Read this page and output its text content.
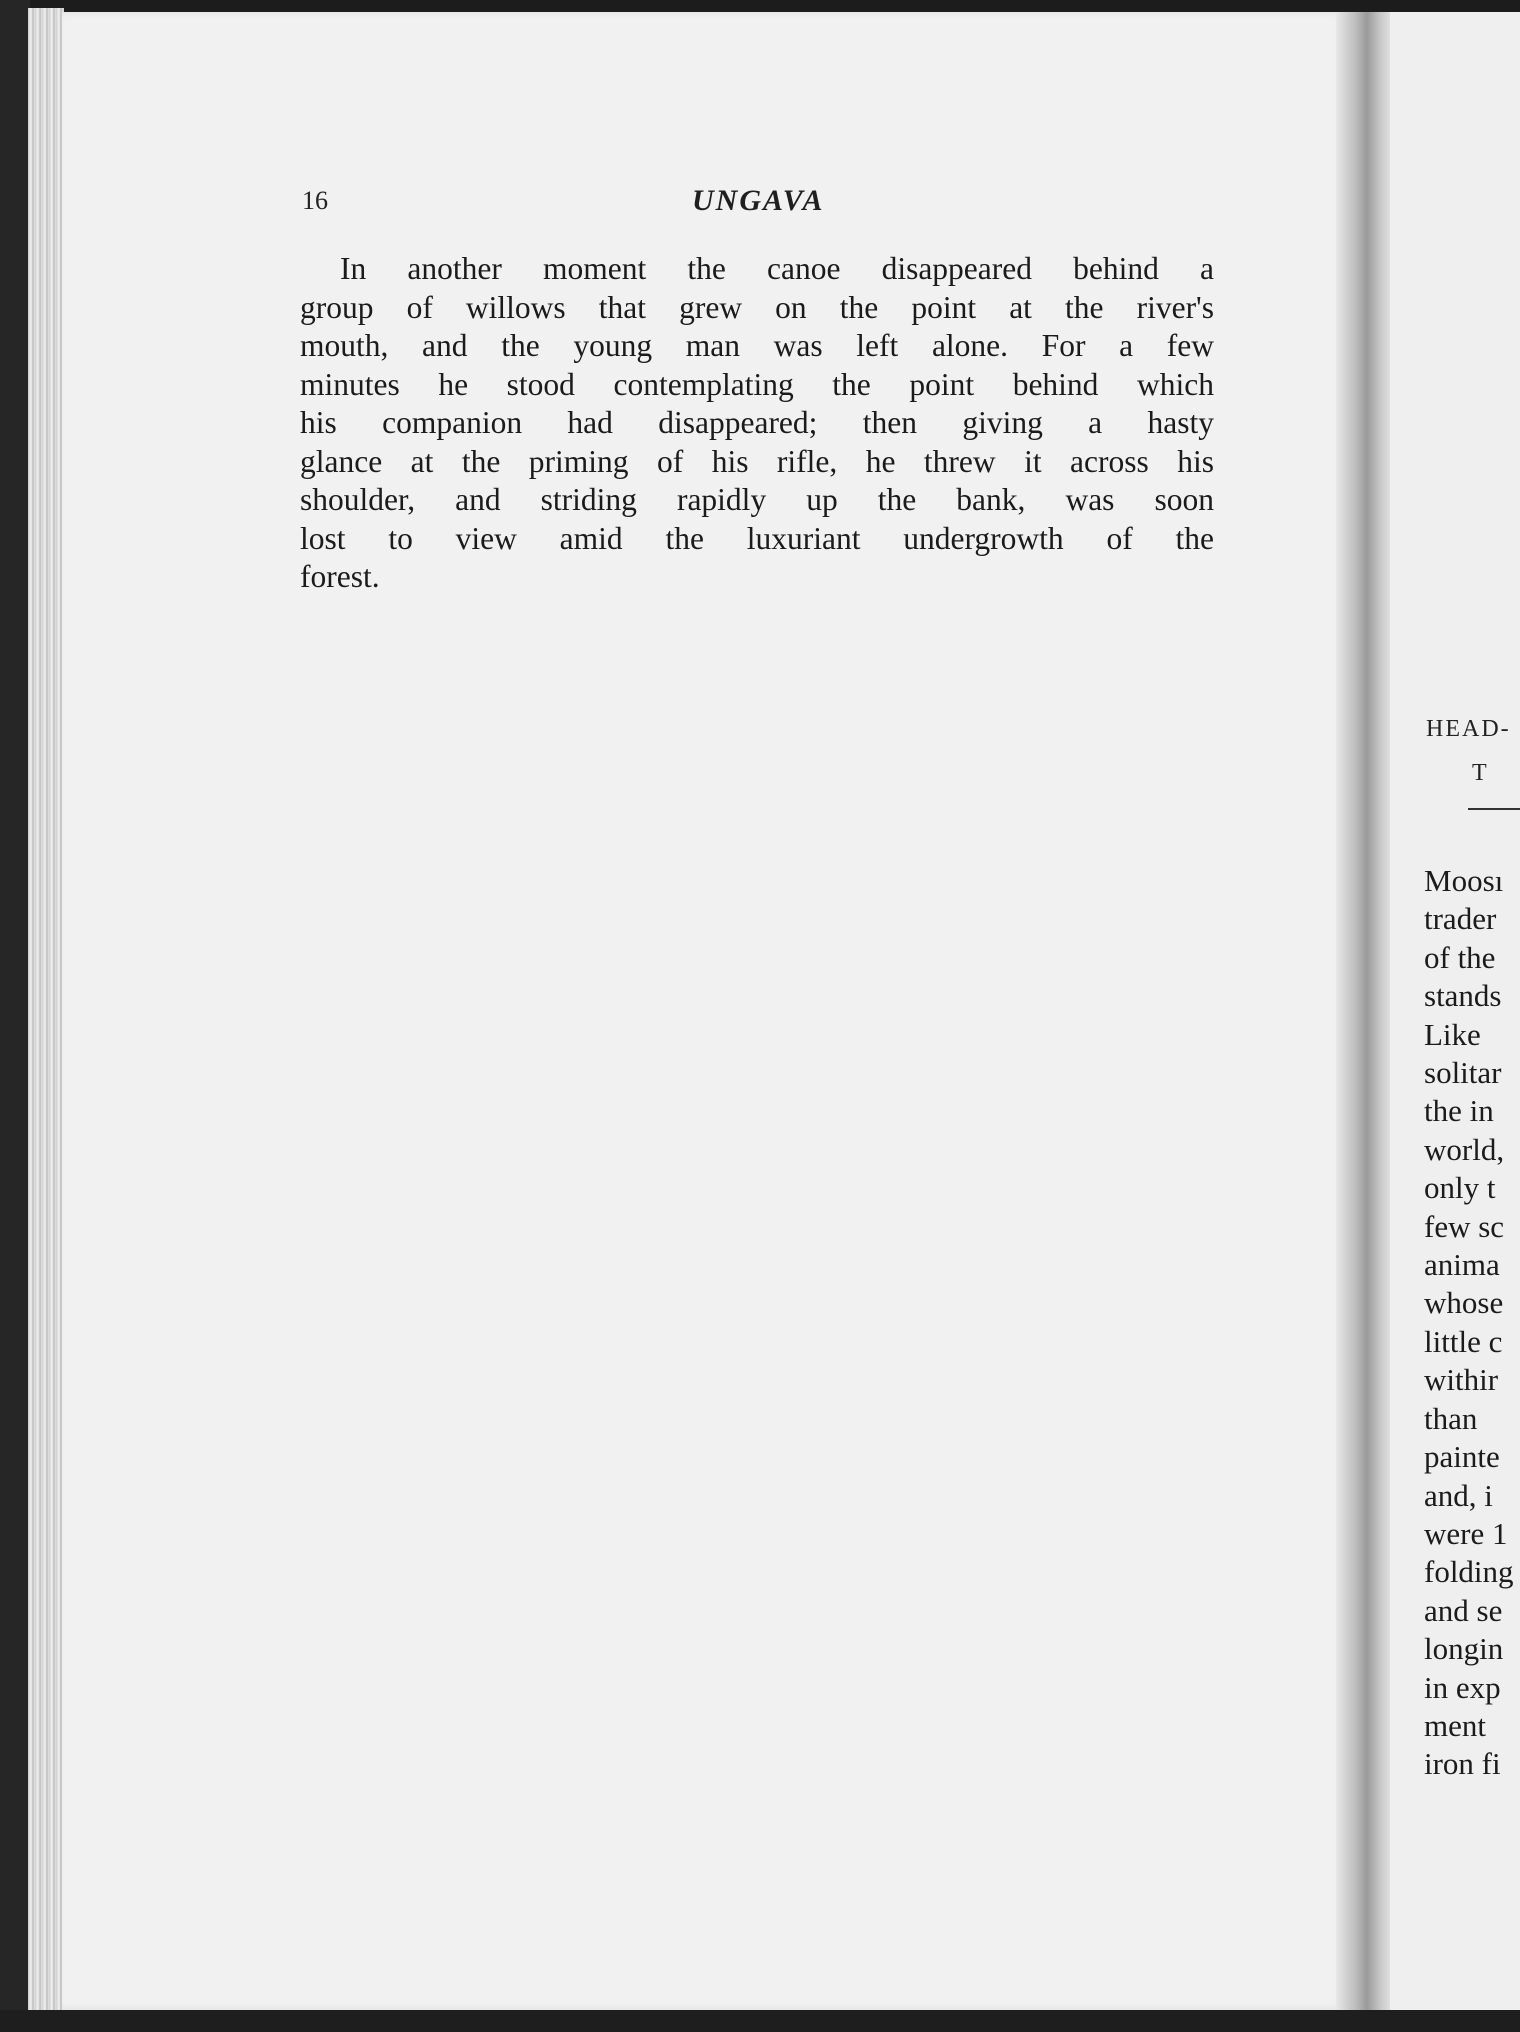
HEAD-
T
Moosı
trader
of the
stands
Like
solitar
the in
world,
only t
few sc
anima
whose
little c
withir
than
painte
and, i
were 1
folding
and se
longin
in exp
ment
iron fi
16	UNGAVA
In another moment the canoe disappeared behind a
group of willows that grew on the point at the river's
mouth, and the young man was left alone. For a few
minutes he stood contemplating the point behind which
his companion had disappeared; then giving a hasty
glance at the priming of his rifle, he threw it across his
shoulder, and striding rapidly up the bank, was soon
lost to view amid the luxuriant undergrowth of the
forest.
